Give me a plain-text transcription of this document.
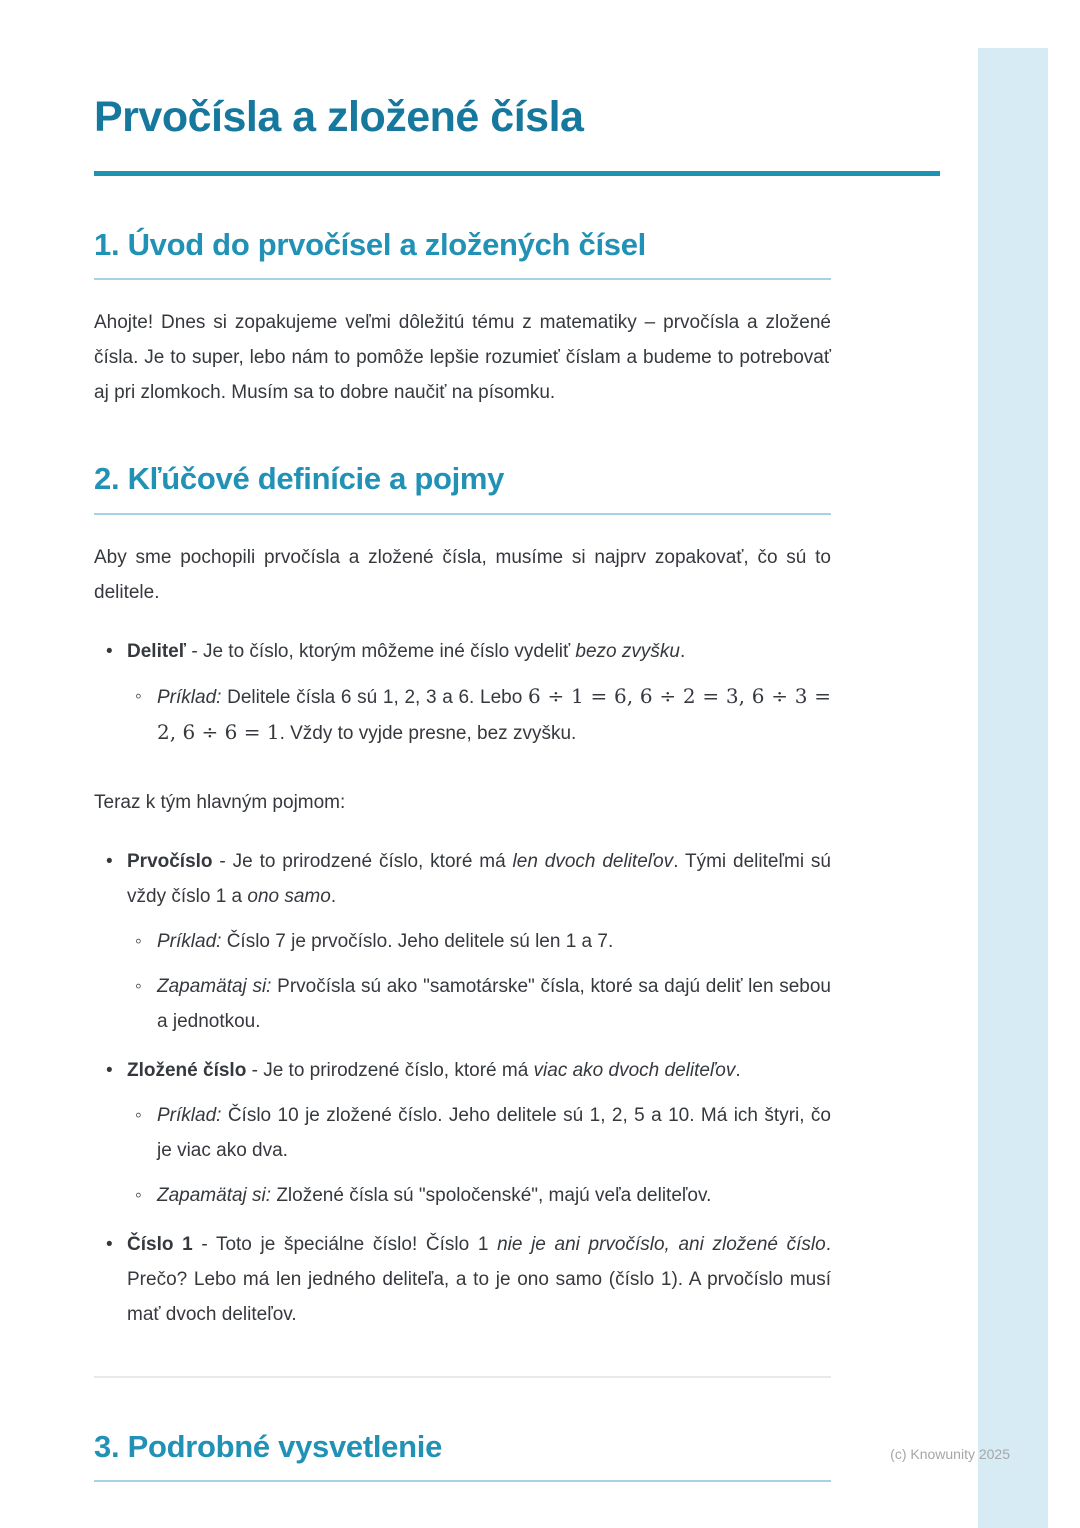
Prvočísla a zložené čísla
1. Úvod do prvočísel a zložených čísel

Ahojte! Dnes si zopakujeme veľmi dôležitú tému z matematiky – prvočísla a zložené čísla. Je to super, lebo nám to pomôže lepšie rozumieť číslam a budeme to potrebovať aj pri zlomkoch. Musím sa to dobre naučiť na písomku.

2. Kľúčové definície a pojmy

Aby sme pochopili prvočísla a zložené čísla, musíme si najprv zopakovať, čo sú to delitele.

• Deliteľ - Je to číslo, ktorým môžeme iné číslo vydeliť bezo zvyšku.

◦ Príklad: Delitele čísla 6 sú 1, 2, 3 a 6. Lebo 6 ÷ 1 = 6, 6 ÷ 2 = 3, 6 ÷ 3 = 2, 6 ÷ 6 = 1. Vždy to vyjde presne, bez zvyšku.

Teraz k tým hlavným pojmom:

• Prvočíslo - Je to prirodzené číslo, ktoré má len dvoch deliteľov. Tými deliteľmi sú vždy číslo 1 a ono samo.

◦ Príklad: Číslo 7 je prvočíslo. Jeho delitele sú len 1 a 7.

◦ Zapamätaj si: Prvočísla sú ako "samotárske" čísla, ktoré sa dajú deliť len sebou a jednotkou.

• Zložené číslo - Je to prirodzené číslo, ktoré má viac ako dvoch deliteľov.

◦ Príklad: Číslo 10 je zložené číslo. Jeho delitele sú 1, 2, 5 a 10. Má ich štyri, čo je viac ako dva.

◦ Zapamätaj si: Zložené čísla sú "spoločenské", majú veľa deliteľov.

• Číslo 1 - Toto je špeciálne číslo! Číslo 1 nie je ani prvočíslo, ani zložené číslo. Prečo? Lebo má len jedného deliteľa, a to je ono samo (číslo 1). A prvočíslo musí mať dvoch deliteľov.

3. Podrobné vysvetlenie	(c) Knowunity 2025
